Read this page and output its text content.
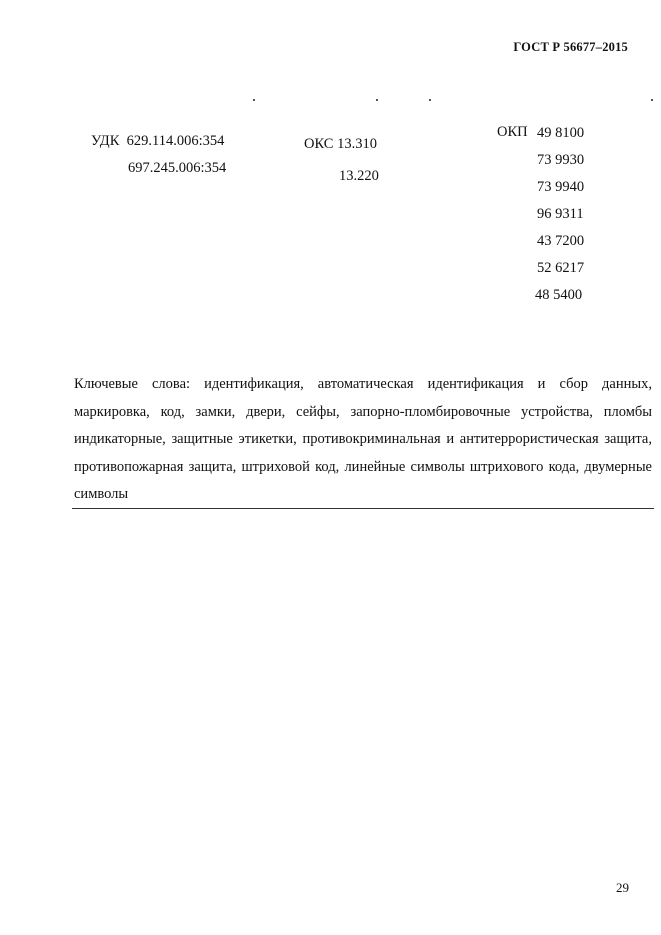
ГОСТ Р 56677–2015
УДК 629.114.006:354
697.245.006:354
ОКС 13.310
13.220
ОКП 49 8100
73 9930
73 9940
96 9311
43 7200
52 6217
48 5400

Ключевые слова: идентификация, автоматическая идентификация и сбор данных, маркировка, код, замки, двери, сейфы, запорно-пломбировочные устройства, пломбы индикаторные, защитные этикетки, противокриминальная и антитеррористическая защита, противопожарная защита, штриховой код, линейные символы штрихового кода, двумерные символы

29
